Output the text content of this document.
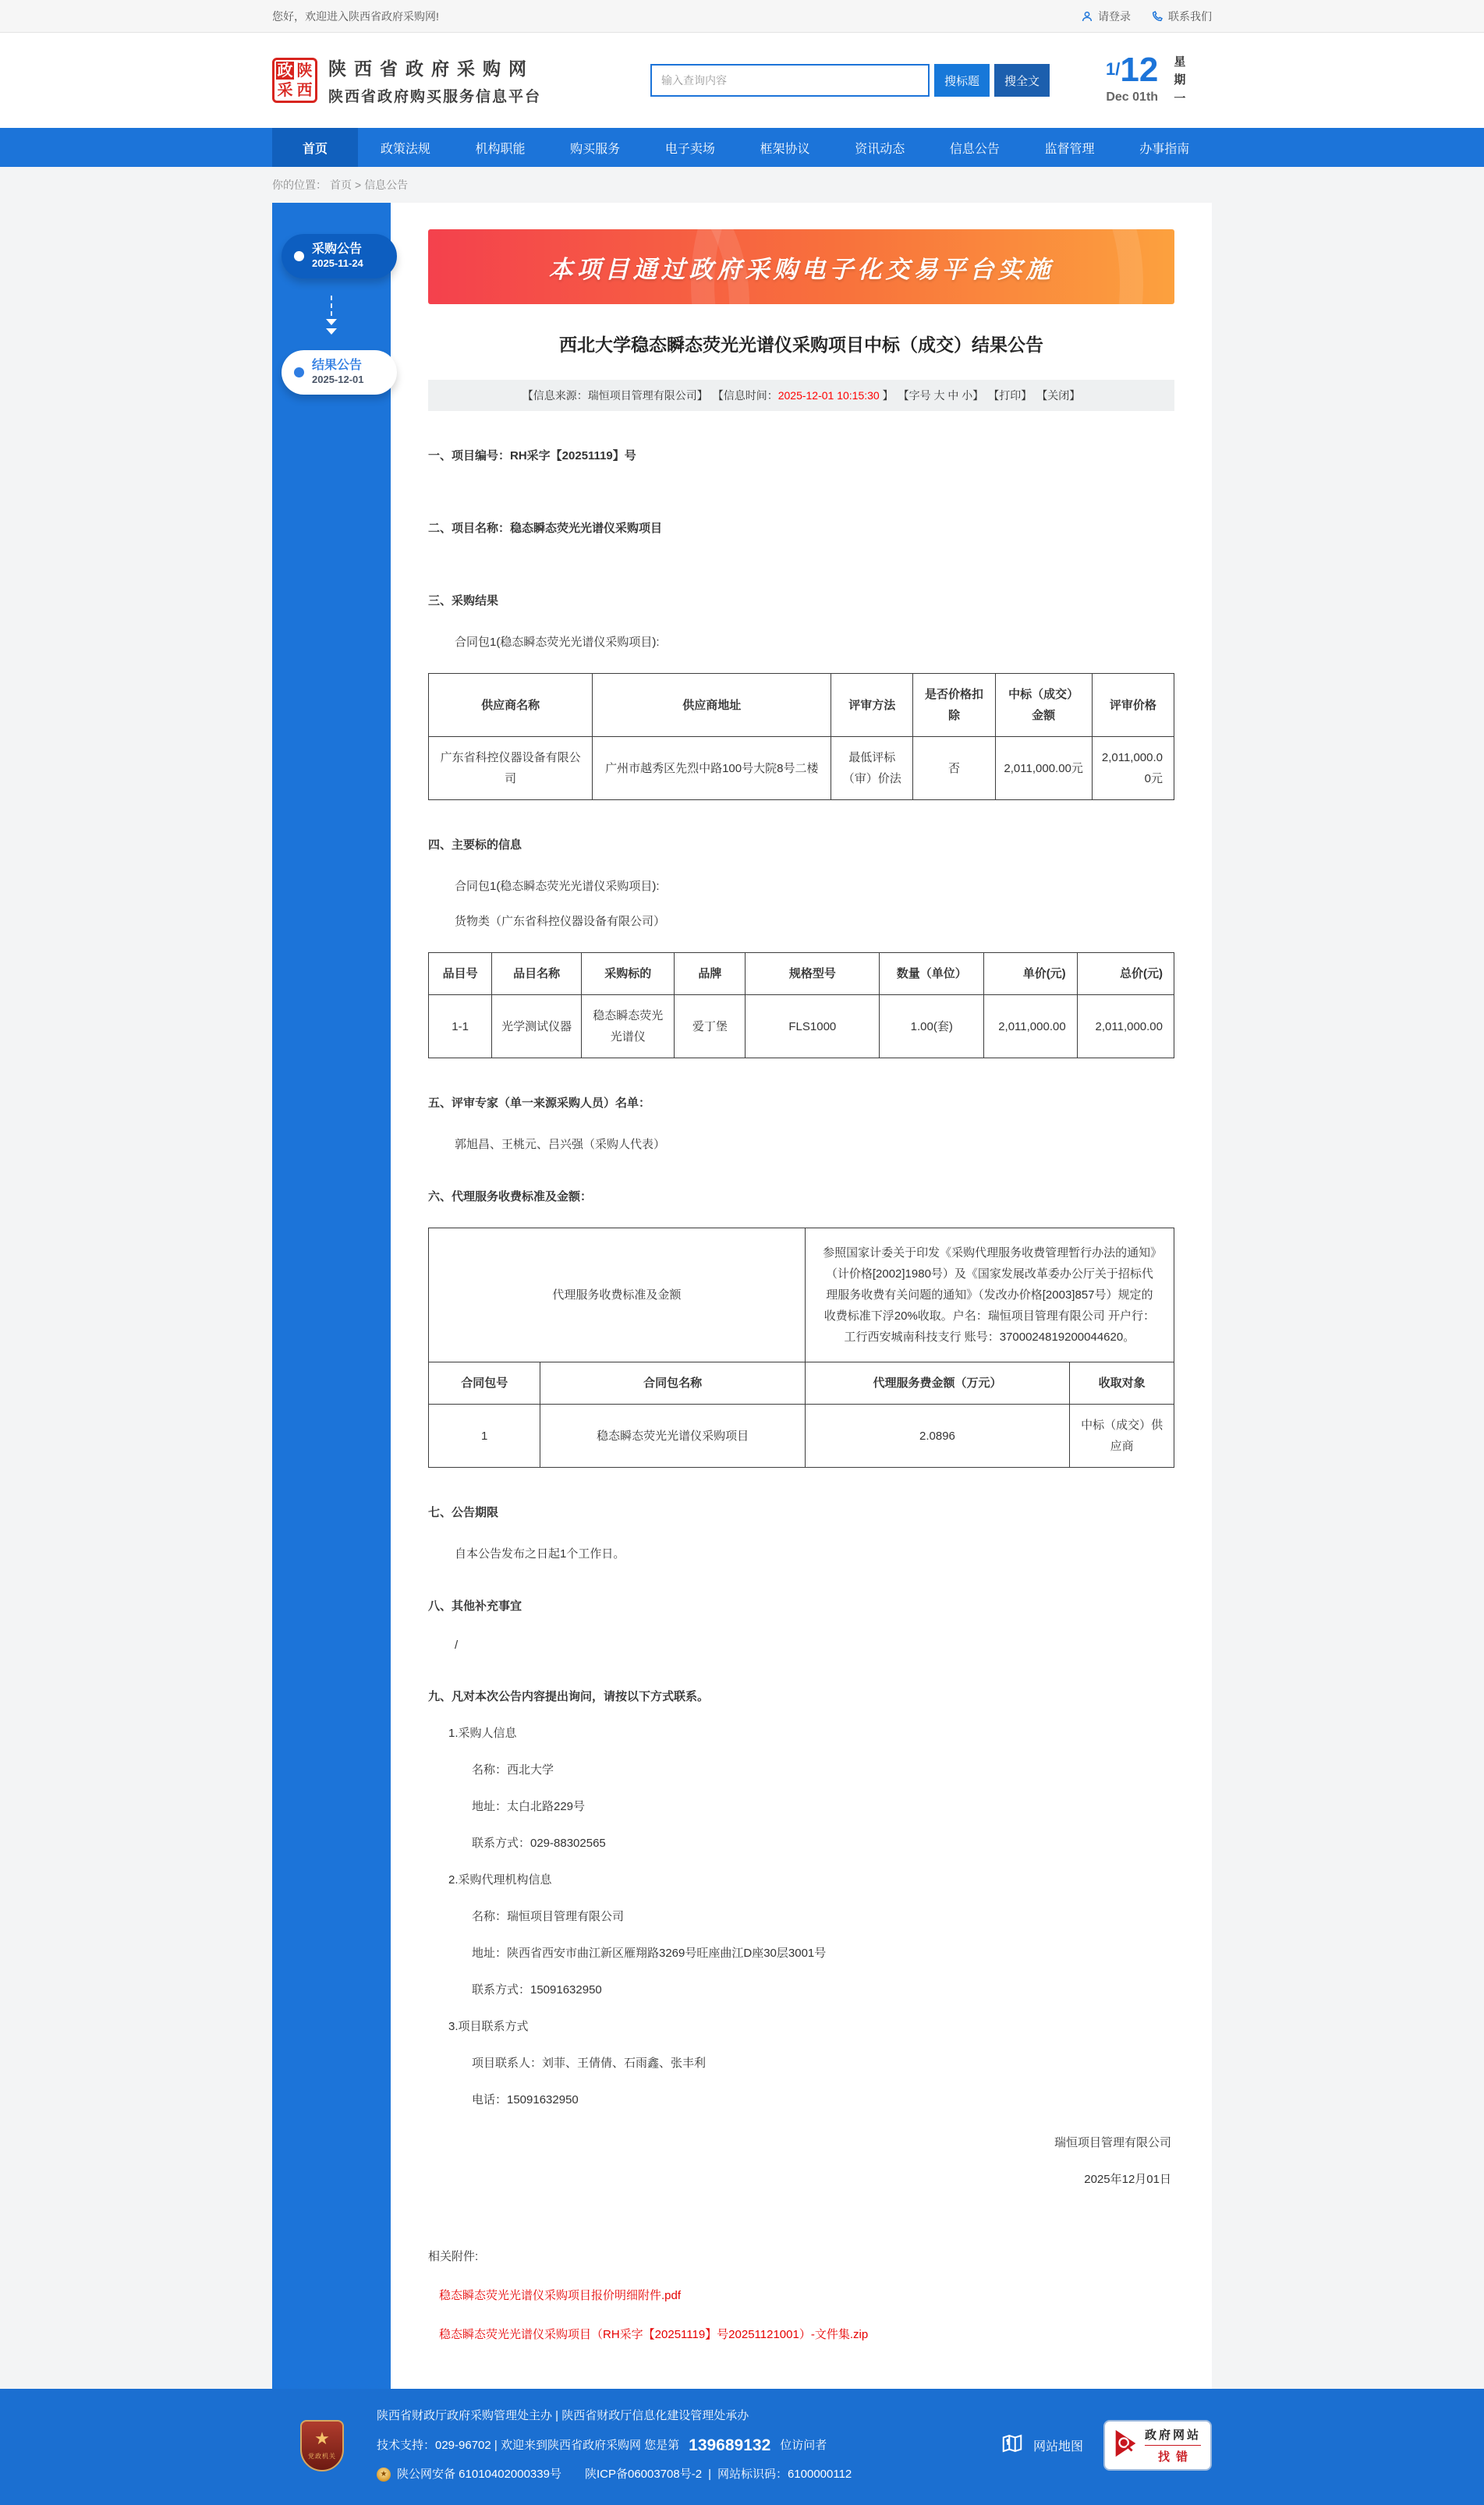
您好，欢迎进入陕西省政府采购网!	请登录	联系我们
政 陕
采 西
陕西省政府采购网
陕西省政府购买服务信息平台
输入查询内容
搜标题	搜全文
1/12
Dec 01th
星期一
首页	政策法规	机构职能	购买服务	电子卖场	框架协议	资讯动态	信息公告	监督管理	办事指南
你的位置： 首页 > 信息公告
采购公告
2025-11-24
结果公告
2025-12-01
本项目通过政府采购电子化交易平台实施
西北大学稳态瞬态荧光光谱仪采购项目中标（成交）结果公告
【信息来源：瑞恒项目管理有限公司】 【信息时间：2025-12-01 10:15:30 】 【字号 大 中 小】 【打印】 【关闭】
一、项目编号：RH采字【20251119】号
二、项目名称：稳态瞬态荧光光谱仪采购项目
三、采购结果
合同包1(稳态瞬态荧光光谱仪采购项目):
供应商名称	供应商地址	评审方法	是否价格扣除	中标（成交）金额	评审价格
广东省科控仪器设备有限公司	广州市越秀区先烈中路100号大院8号二楼	最低评标（审）价法	否	2,011,000.00元	2,011,000.00元
四、主要标的信息
合同包1(稳态瞬态荧光光谱仪采购项目):
货物类（广东省科控仪器设备有限公司）
品目号	品目名称	采购标的	品牌	规格型号	数量（单位）	单价(元)	总价(元)
1-1	光学测试仪器	稳态瞬态荧光光谱仪	爱丁堡	FLS1000	1.00(套)	2,011,000.00	2,011,000.00
五、评审专家（单一来源采购人员）名单：
郭旭昌、王桃元、吕兴强（采购人代表）
六、代理服务收费标准及金额：
代理服务收费标准及金额		参照国家计委关于印发《采购代理服务收费管理暂行办法的通知》（计价格[2002]1980号）及《国家发展改革委办公厅关于招标代理服务收费有关问题的通知》（发改办价格[2003]857号）规定的收费标准下浮20%收取。户名：瑞恒项目管理有限公司 开户行：工行西安城南科技支行 账号：3700024819200044620。	
合同包号	合同包名称	代理服务费金额（万元）	收取对象
1	稳态瞬态荧光光谱仪采购项目	2.0896	中标（成交）供应商
七、公告期限
自本公告发布之日起1个工作日。
八、其他补充事宜
/
九、凡对本次公告内容提出询问，请按以下方式联系。
1.采购人信息
名称：西北大学
地址：太白北路229号
联系方式：029-88302565
2.采购代理机构信息
名称：瑞恒项目管理有限公司
地址：陕西省西安市曲江新区雁翔路3269号旺座曲江D座30层3001号
联系方式：15091632950
3.项目联系方式
项目联系人：刘菲、王倩倩、石雨鑫、张丰利
电话：15091632950
瑞恒项目管理有限公司
2025年12月01日
相关附件:
稳态瞬态荧光光谱仪采购项目报价明细附件.pdf
稳态瞬态荧光光谱仪采购项目（RH采字【20251119】号20251121001）-文件集.zip
★
党政机关
陕西省财政厅政府采购管理处主办 | 陕西省财政厅信息化建设管理处承办
技术支持：029-96702 | 欢迎来到陕西省政府采购网 您是第 139689132 位访问者
★ 陕公网安备 61010402000339号 陕ICP备06003708号-2 | 网站标识码：6100000112
网站地图
政府网站
找错
